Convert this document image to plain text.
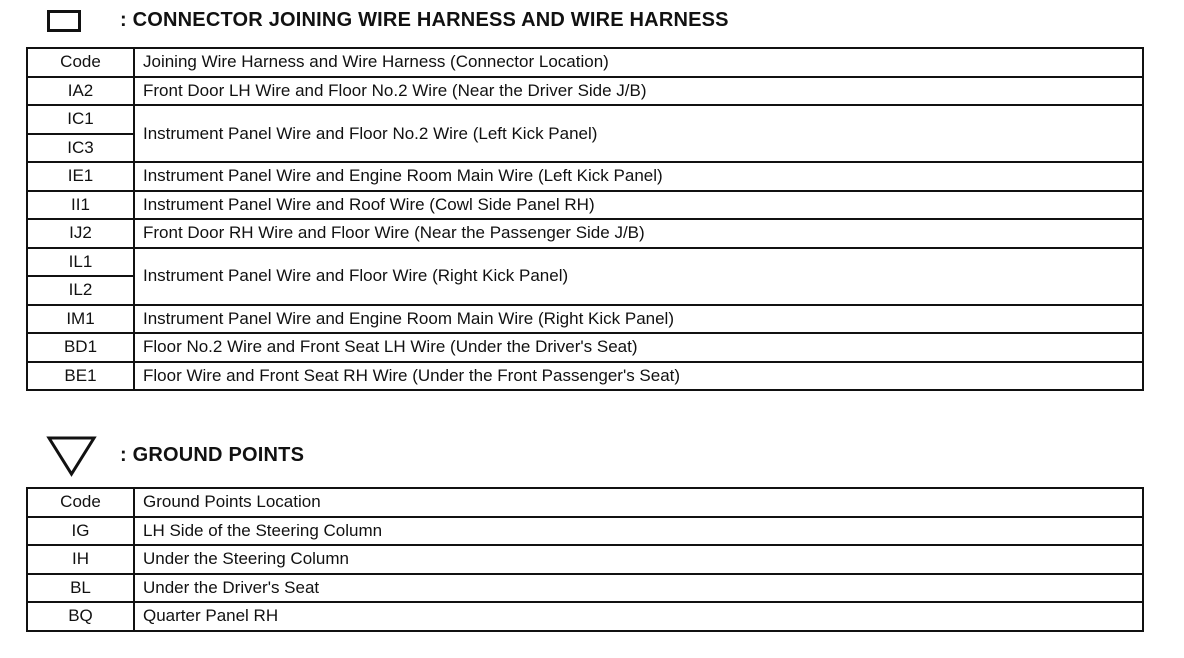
: CONNECTOR JOINING WIRE HARNESS AND WIRE HARNESS
Code	Joining Wire Harness and Wire Harness (Connector Location)
IA2	Front Door LH Wire and Floor No.2 Wire (Near the Driver Side J/B)
IC1	Instrument Panel Wire and Floor No.2 Wire (Left Kick Panel)
IC3	
IE1	Instrument Panel Wire and Engine Room Main Wire (Left Kick Panel)
II1	Instrument Panel Wire and Roof Wire (Cowl Side Panel RH)
IJ2	Front Door RH Wire and Floor Wire (Near the Passenger Side J/B)
IL1	Instrument Panel Wire and Floor Wire (Right Kick Panel)
IL2	
IM1	Instrument Panel Wire and Engine Room Main Wire (Right Kick Panel)
BD1	Floor No.2 Wire and Front Seat LH Wire (Under the Driver's Seat)
BE1	Floor Wire and Front Seat RH Wire (Under the Front Passenger's Seat)
: GROUND POINTS
Code	Ground Points Location
IG	LH Side of the Steering Column
IH	Under the Steering Column
BL	Under the Driver's Seat
BQ	Quarter Panel RH
